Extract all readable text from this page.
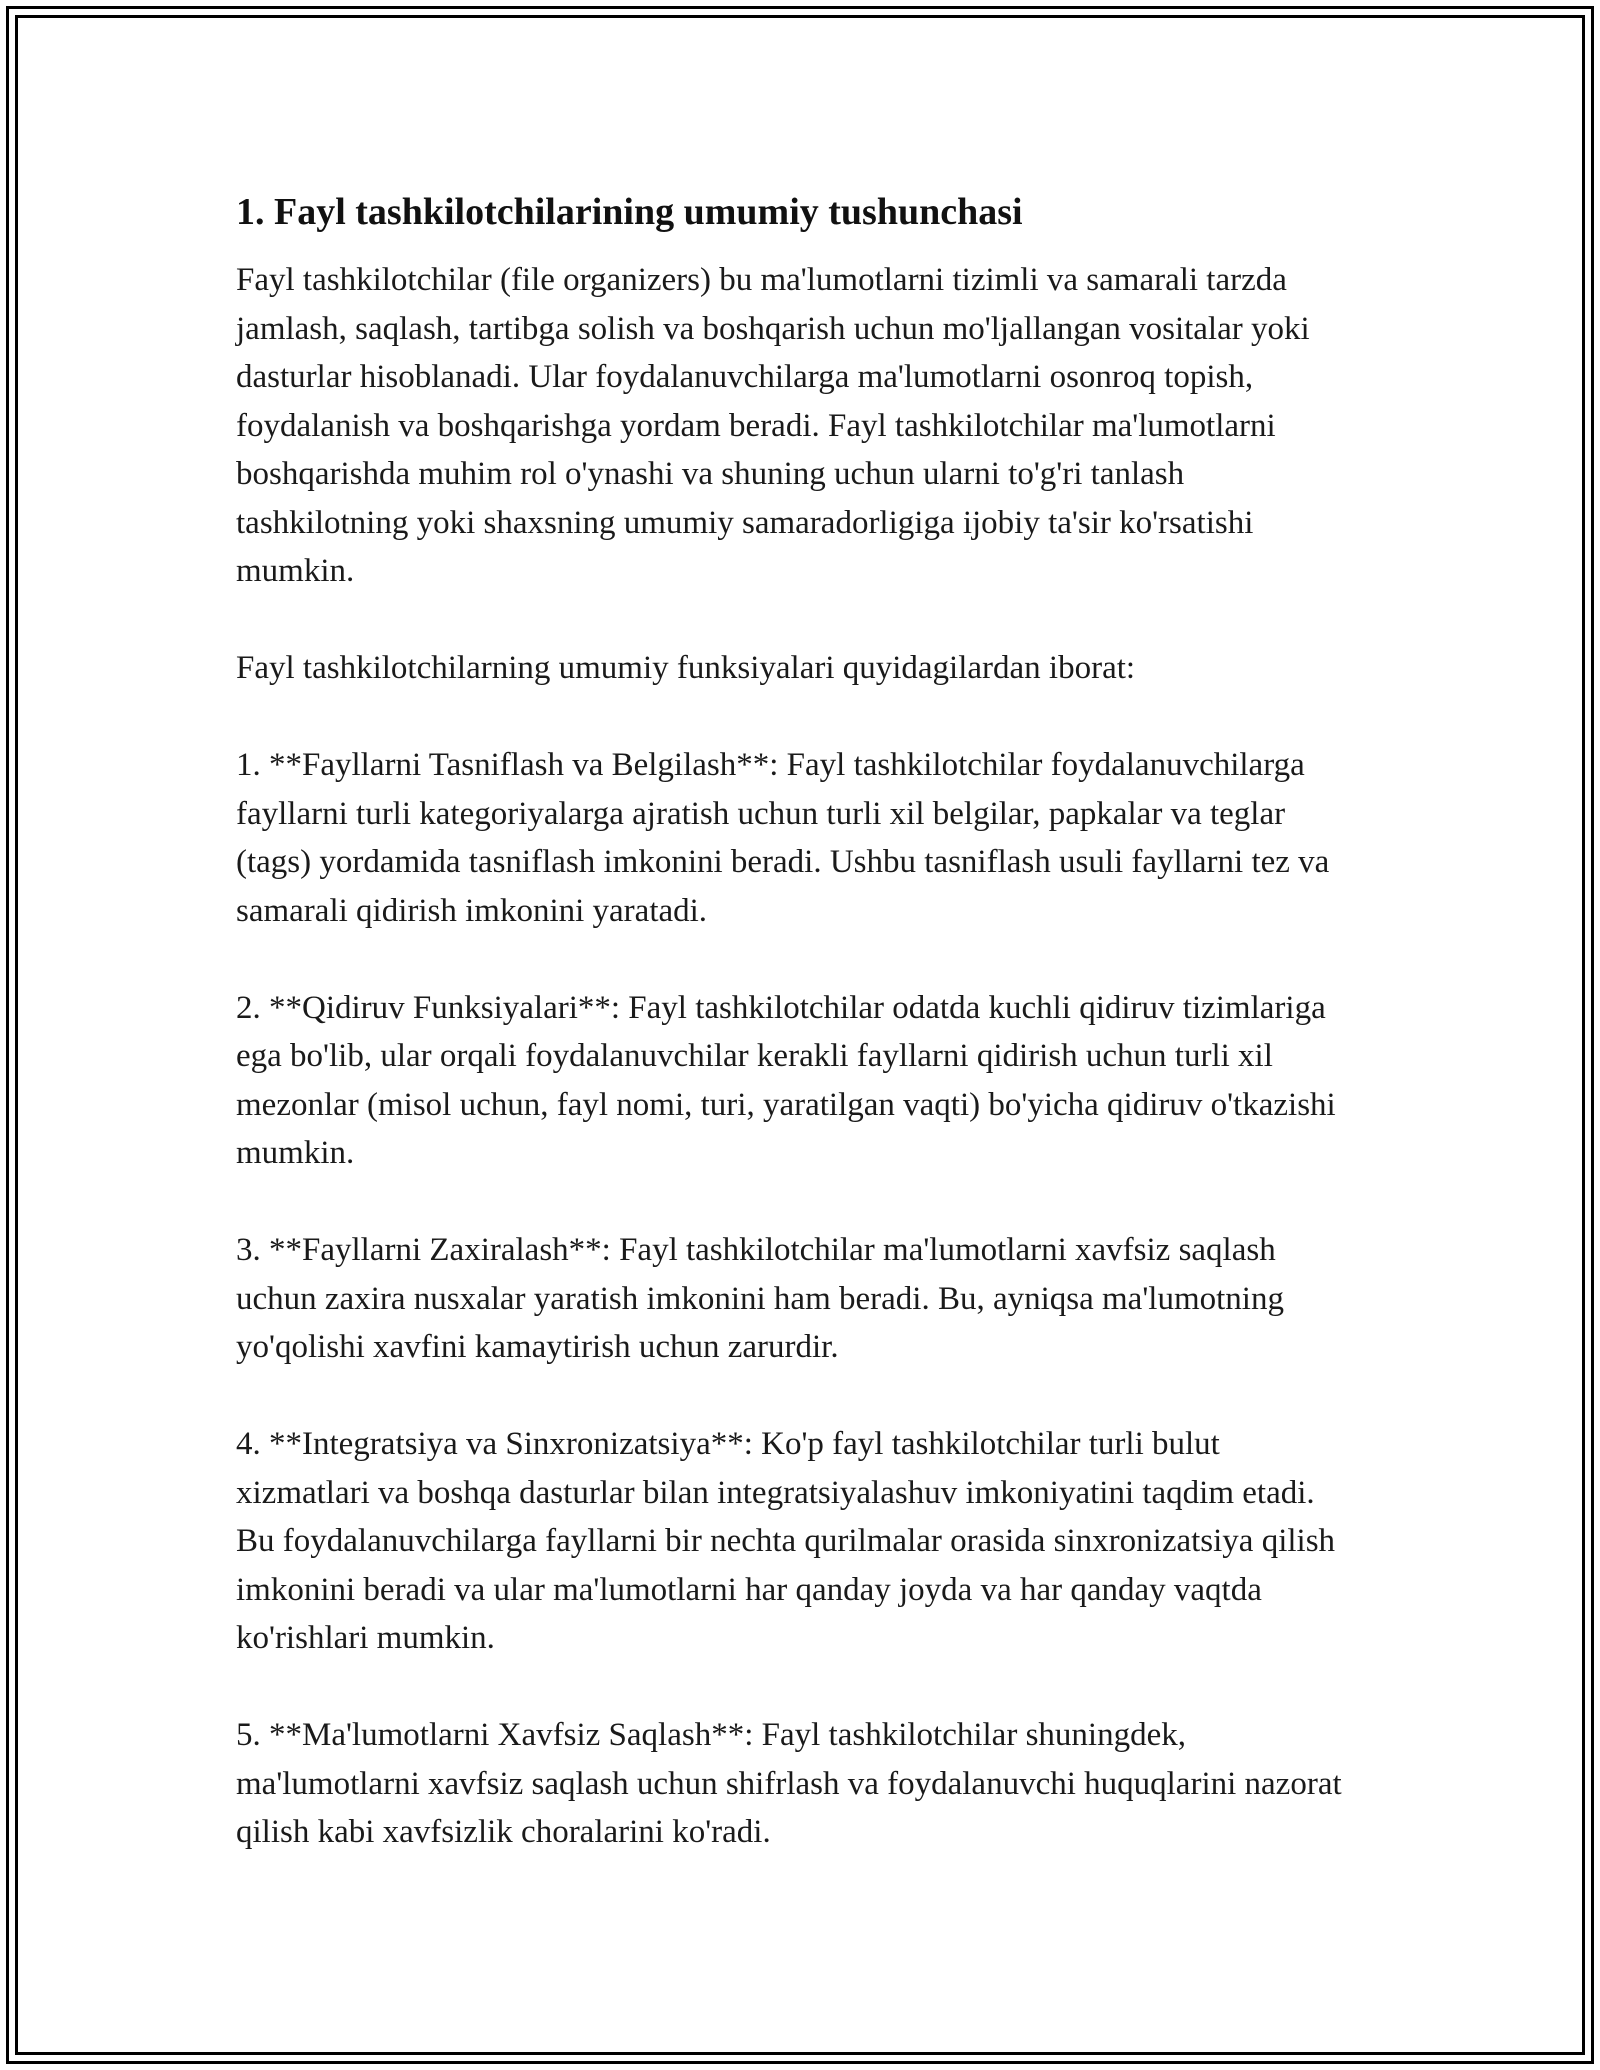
1. Fayl tashkilotchilarining umumiy tushunchasi

Fayl tashkilotchilar (file organizers) bu ma'lumotlarni tizimli va samarali tarzda jamlash, saqlash, tartibga solish va boshqarish uchun mo'ljallangan vositalar yoki dasturlar hisoblanadi. Ular foydalanuvchilarga ma'lumotlarni osonroq topish, foydalanish va boshqarishga yordam beradi. Fayl tashkilotchilar ma'lumotlarni boshqarishda muhim rol o'ynashi va shuning uchun ularni to'g'ri tanlash tashkilotning yoki shaxsning umumiy samaradorligiga ijobiy ta'sir ko'rsatishi mumkin.

Fayl tashkilotchilarning umumiy funksiyalari quyidagilardan iborat:

1. **Fayllarni Tasniflash va Belgilash**: Fayl tashkilotchilar foydalanuvchilarga fayllarni turli kategoriyalarga ajratish uchun turli xil belgilar, papkalar va teglar (tags) yordamida tasniflash imkonini beradi. Ushbu tasniflash usuli fayllarni tez va samarali qidirish imkonini yaratadi.

2. **Qidiruv Funksiyalari**: Fayl tashkilotchilar odatda kuchli qidiruv tizimlariga ega bo'lib, ular orqali foydalanuvchilar kerakli fayllarni qidirish uchun turli xil mezonlar (misol uchun, fayl nomi, turi, yaratilgan vaqti) bo'yicha qidiruv o'tkazishi mumkin.

3. **Fayllarni Zaxiralash**: Fayl tashkilotchilar ma'lumotlarni xavfsiz saqlash uchun zaxira nusxalar yaratish imkonini ham beradi. Bu, ayniqsa ma'lumotning yo'qolishi xavfini kamaytirish uchun zarurdir.

4. **Integratsiya va Sinxronizatsiya**: Ko'p fayl tashkilotchilar turli bulut xizmatlari va boshqa dasturlar bilan integratsiyalashuv imkoniyatini taqdim etadi. Bu foydalanuvchilarga fayllarni bir nechta qurilmalar orasida sinxronizatsiya qilish imkonini beradi va ular ma'lumotlarni har qanday joyda va har qanday vaqtda ko'rishlari mumkin.

5. **Ma'lumotlarni Xavfsiz Saqlash**: Fayl tashkilotchilar shuningdek, ma'lumotlarni xavfsiz saqlash uchun shifrlash va foydalanuvchi huquqlarini nazorat qilish kabi xavfsizlik choralarini ko'radi.
